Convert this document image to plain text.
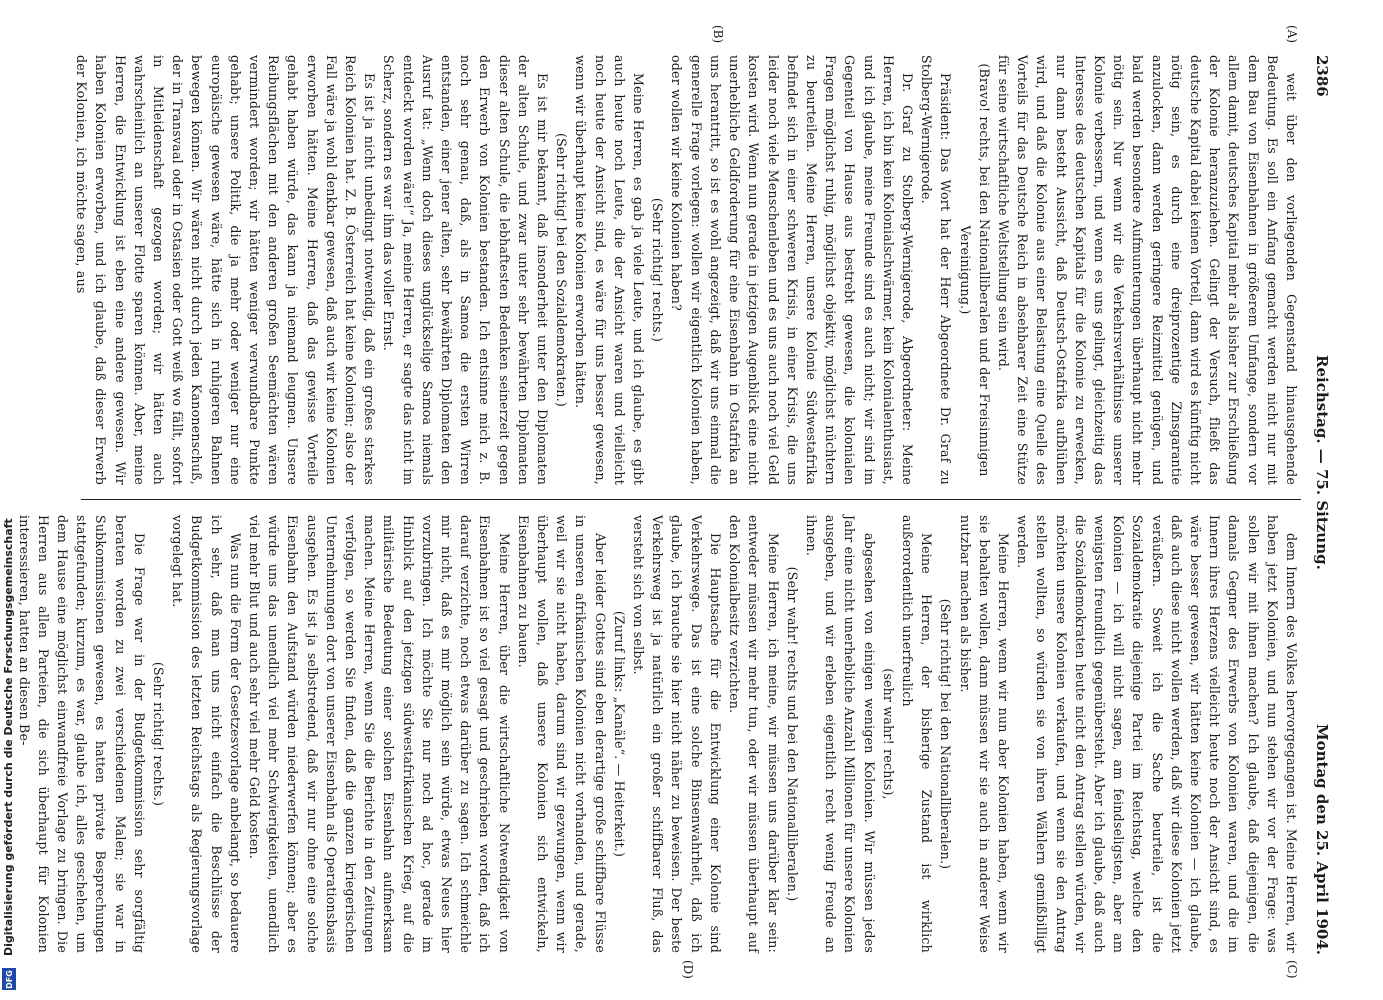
2386
Reichstag. — 75. Sitzung.
Montag den 25. April 1904.
(A)
(B)
(C)
(D)

weit über den vorliegenden Gegenstand hinausgehende Bedeutung. Es soll ein Anfang gemacht werden nicht nur mit dem Bau von Eisenbahnen in größerem Umfange, sondern vor allem damit, deutsches Kapital mehr als bisher zur Erschließung der Kolonie heranzuziehen. Gelingt der Versuch, fließt das deutsche Kapital dabei keinen Vorteil, dann wird es künftig nicht nötig sein, es durch eine dreiprozentige Zinsgarantie anzulocken, dann werden geringere Reizmittel genügen, und bald werden besondere Aufmunterungen überhaupt nicht mehr nötig sein. Nur wenn wir die Verkehrsverhältnisse unserer Kolonie verbessern, und wenn es uns gelingt, gleichzeitig das Interesse des deutschen Kapitals für die Kolonie zu erwecken, nur dann besteht Aussicht, daß Deutsch-Ostafrika aufblühen wird, und daß die Kolonie aus einer Belastung eine Quelle des Vorteils für das Deutsche Reich in absehbarer Zeit eine Stütze für seine wirtschaftliche Weltstellung sein wird.

(Bravo! rechts, bei den Nationalliberalen und der Freisinnigen Vereinigung.)

Präsident: Das Wort hat der Herr Abgeordnete Dr. Graf zu Stolberg-Wernigerode.

Dr. Graf zu Stolberg-Wernigerode, Abgeordneter: Meine Herren, ich bin kein Kolonialschwärmer, kein Kolonialenthusiast, und ich glaube, meine Freunde sind es auch nicht; wir sind im Gegenteil von Hause aus bestrebt gewesen, die kolonialen Fragen möglichst ruhig, möglichst objektiv, möglichst nüchtern zu beurteilen. Meine Herren, unsere Kolonie Südwestafrika befindet sich in einer schweren Krisis, in einer Krisis, die uns leider noch viele Menschenleben und es uns auch noch viel Geld kosten wird. Wenn nun gerade in jetzigen Augenblick eine nicht unerhebliche Geldforderung für eine Eisenbahn in Ostafrika an uns herantritt, so ist es wohl angezeigt, daß wir uns einmal die generelle Frage vorlegen: wollen wir eigentlich Kolonien haben, oder wollen wir keine Kolonien haben?

(Sehr richtig! rechts.)

Meine Herren, es gab ja viele Leute, und ich glaube, es gibt auch heute noch Leute, die der Ansicht waren und vielleicht noch heute der Ansicht sind, es wäre für uns besser gewesen, wenn wir überhaupt keine Kolonien erworben hätten.

(Sehr richtig! bei den Sozialdemokraten.)

Es ist mir bekannt, daß insonderheit unter den Diplomaten der alten Schule, und zwar unter sehr bewährten Diplomaten dieser alten Schule, die lebhaftesten Bedenken seinerzeit gegen den Erwerb von Kolonien bestanden. Ich entsinne mich z. B. noch sehr genau, daß, als in Samoa die ersten Wirren entstanden, einer jener alten, sehr bewährten Diplomaten den Ausruf tat: „Wenn doch dieses unglückselige Samoa niemals entdeckt worden wäre!“ Ja, meine Herren, er sagte das nicht im Scherz, sondern es war ihm das voller Ernst.

Es ist ja nicht unbedingt notwendig, daß ein großes starkes Reich Kolonien hat. Z. B. Österreich hat keine Kolonien; also der Fall wäre ja wohl denkbar gewesen, daß auch wir keine Kolonien erworben hätten. Meine Herren, daß das gewisse Vorteile gehabt haben würde, das kann ja niemand leugnen. Unsere Reibungsflächen mit den anderen großen Seemächten wären vermindert worden; wir hätten weniger verwundbare Punkte gehabt; unsere Politik, die ja mehr oder weniger nur eine europäische gewesen wäre, hätte sich in ruhigeren Bahnen bewegen können. Wir wären nicht durch jeden Kanonenschuß, der in Transvaal oder in Ostasien oder Gott weiß wo fällt, sofort in Mitleidenschaft gezogen worden; wir hätten auch wahrscheinlich an unserer Flotte sparen können. Aber, meine Herren, die Entwicklung ist eben eine andere gewesen. Wir haben Kolonien erworben, und ich glaube, daß dieser Erwerb der Kolonien, ich möchte sagen, aus

dem Innern des Volkes hervorgegangen ist. Meine Herren, wir haben jetzt Kolonien, und nun stehen wir vor der Frage: was sollen wir mit ihnen machen? Ich glaube, daß diejenigen, die damals Gegner des Erwerbs von Kolonien waren, und die im Innern ihres Herzens vielleicht heute noch der Ansicht sind, es wäre besser gewesen, wir hätten keine Kolonien — ich glaube, daß auch diese nicht wollen werden, daß wir diese Kolonien jetzt veräußern. Soweit ich die Sache beurteile, ist die Sozialdemokratie diejenige Partei im Reichstag, welche den Kolonien — ich will nicht sagen, am feindseligsten, aber am wenigsten freundlich gegenübersteht. Aber ich glaube, daß auch die Sozialdemokraten heute nicht den Antrag stellen würden, wir möchten unsere Kolonien verkaufen, und wenn sie den Antrag stellen wollten, so würden sie von ihren Wählern gemißbilligt werden.

Meine Herren, wenn wir nun aber Kolonien haben, wenn wir sie behalten wollen, dann müssen wir sie auch in anderer Weise nutzbar machen als bisher.

(Sehr richtig! bei den Nationalliberalen.)

Meine Herren, der bisherige Zustand ist wirklich außerordentlich unerfreulich

(sehr wahr! rechts),

abgesehen von einigen wenigen Kolonien. Wir müssen jedes Jahr eine nicht unerhebliche Anzahl Millionen für unsere Kolonien ausgeben, und wir erleben eigentlich recht wenig Freude an ihnen.

(Sehr wahr! rechts und bei den Nationalliberalen.)

Meine Herren, ich meine, wir müssen uns darüber klar sein: entweder müssen wir mehr tun, oder wir müssen überhaupt auf den Kolonialbesitz verzichten.

Die Hauptsache für die Entwicklung einer Kolonie sind Verkehrswege. Das ist eine solche Binsenwahrheit, daß ich glaube, ich brauche sie hier nicht näher zu beweisen. Der beste Verkehrsweg ist ja natürlich ein großer schiffbarer Fluß, das versteht sich von selbst.

(Zuruf links: „Kanäle“. — Heiterkeit.)

Aber leider Gottes sind eben derartige große schiffbare Flüsse in unseren afrikanischen Kolonien nicht vorhanden, und gerade, weil wir sie nicht haben, darum sind wir gezwungen, wenn wir überhaupt wollen, daß unsere Kolonien sich entwickeln, Eisenbahnen zu bauen.

Meine Herren, über die wirtschaftliche Notwendigkeit von Eisenbahnen ist so viel gesagt und geschrieben worden, daß ich darauf verzichte, noch etwas darüber zu sagen. Ich schmeichle mir nicht, daß es mir möglich sein würde, etwas Neues hier vorzubringen. Ich möchte Sie nur noch ad hoc, gerade im Hinblick auf den jetzigen südwestafrikanischen Krieg, auf die militärische Bedeutung einer solchen Eisenbahn aufmerksam machen. Meine Herren, wenn Sie die Berichte in den Zeitungen verfolgen, so werden Sie finden, daß die ganzen kriegerischen Unternehmungen dort von unserer Eisenbahn als Operationsbasis ausgehen. Es ist ja selbstredend, daß wir nur ohne eine solche Eisenbahn den Aufstand würden niederwerfen können; aber es würde uns das unendlich viel mehr Schwierigkeiten, unendlich viel mehr Blut und auch sehr viel mehr Geld kosten.

Was nun die Form der Gesetzesvorlage anbelangt, so bedauere ich sehr, daß man uns nicht einfach die Beschlüsse der Budgetkommission des letzten Reichstags als Regierungsvorlage vorgelegt hat.

(Sehr richtig! rechts.)

Die Frage war in der Budgetkommission sehr sorgfältig beraten worden zu zwei verschiedenen Malen; sie war in Subkommissionen gewesen, es hatten private Besprechungen stattgefunden; kurzum, es war, glaube ich, alles geschehen, um dem Hause eine möglichst einwandfreie Vorlage zu bringen. Die Herren aus allen Parteien, die sich überhaupt für Kolonien interessieren, hatten an diesen Be-

Digitalisierung gefördert durch die Deutsche Forschungsgemeinschaft
DFG
